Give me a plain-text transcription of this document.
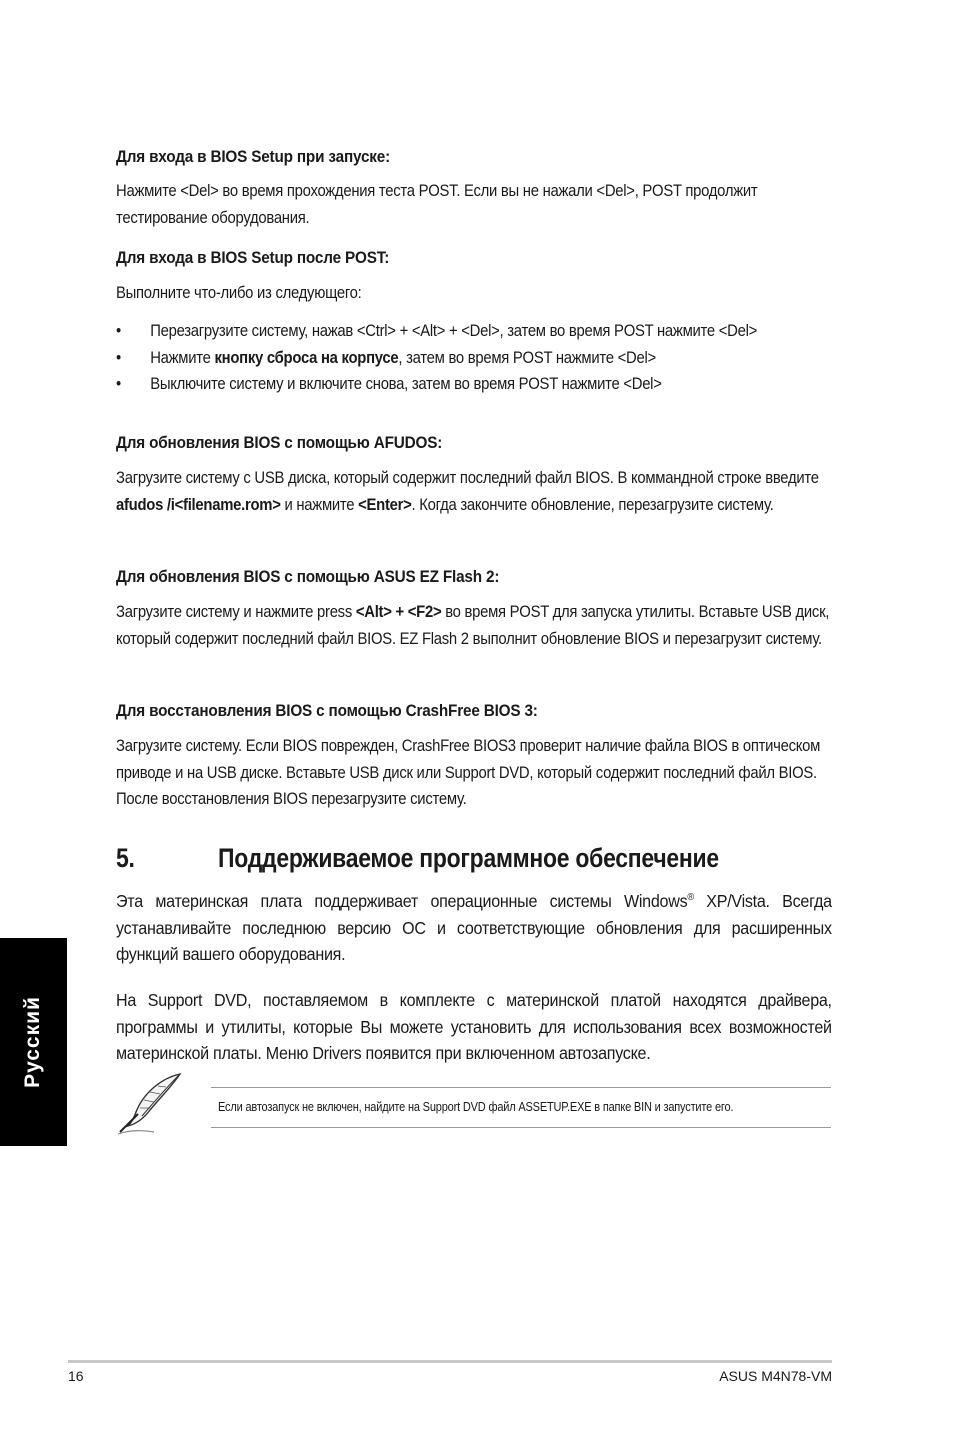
Для входа в BIOS Setup при запуске:
Нажмите <Del> во время прохождения теста POST. Если вы не нажали <Del>, POST продолжит тестирование оборудования.
Для входа в BIOS Setup после POST:
Выполните что-либо из следующего:
• Перезагрузите систему, нажав <Ctrl> + <Alt> + <Del>, затем во время POST нажмите <Del>
• Нажмите кнопку сброса на корпусе, затем во время POST нажмите <Del>
• Выключите систему и включите снова, затем во время POST нажмите <Del>
Для обновления BIOS с помощью AFUDOS:
Загрузите систему с USB диска, который содержит последний файл BIOS. В коммандной строке введите afudos /i<filename.rom> и нажмите <Enter>. Когда закончите обновление, перезагрузите систему.
Для обновления BIOS с помощью ASUS EZ Flash 2:
Загрузите систему и нажмите press <Alt> + <F2> во время POST для запуска утилиты. Вставьте USB диск, который содержит последний файл BIOS. EZ Flash 2 выполнит обновление BIOS и перезагрузит систему.
Для восстановления BIOS с помощью CrashFree BIOS 3:
Загрузите систему. Если BIOS поврежден, CrashFree BIOS3 проверит наличие файла BIOS в оптическом приводе и на USB диске. Вставьте USB диск или Support DVD, который содержит последний файл BIOS. После восстановления BIOS перезагрузите систему.
5.	Поддерживаемое программное обеспечение
Эта материнская плата поддерживает операционные системы Windows® XP/Vista. Всегда устанавливайте последнюю версию ОС и соответствующие обновления для расширенных функций вашего оборудования.
На Support DVD, поставляемом в комплекте с материнской платой находятся драйвера, программы и утилиты, которые Вы можете установить для использования всех возможностей материнской платы. Меню Drivers появится при включенном автозапуске.
Если автозапуск не включен, найдите на Support DVD файл ASSETUP.EXE в папке BIN и запустите его.
Русский
16	ASUS M4N78-VM
